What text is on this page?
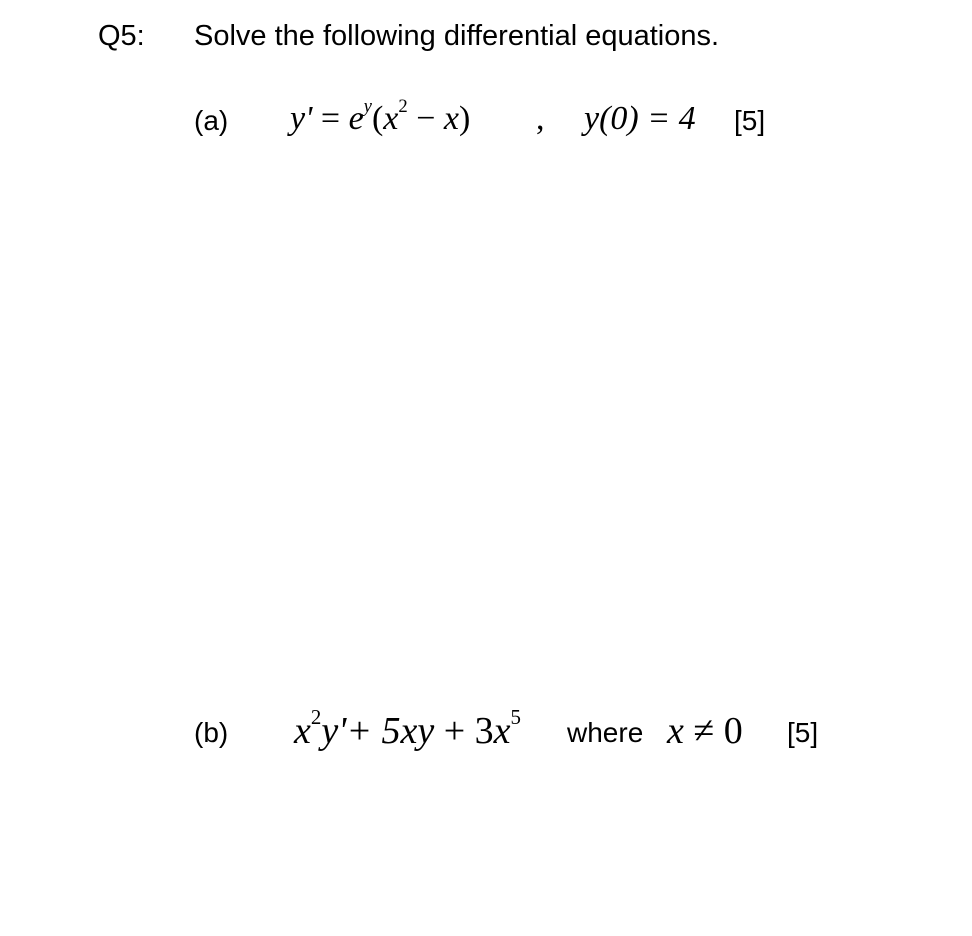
Q5: Solve the following differential equations.
(a) $y' = e^y(x^2 - x)$ , y(0) = 4 [5]
(b) $x^2y'+ 5xy + 3x^5$ where x ≠ 0 [5]
